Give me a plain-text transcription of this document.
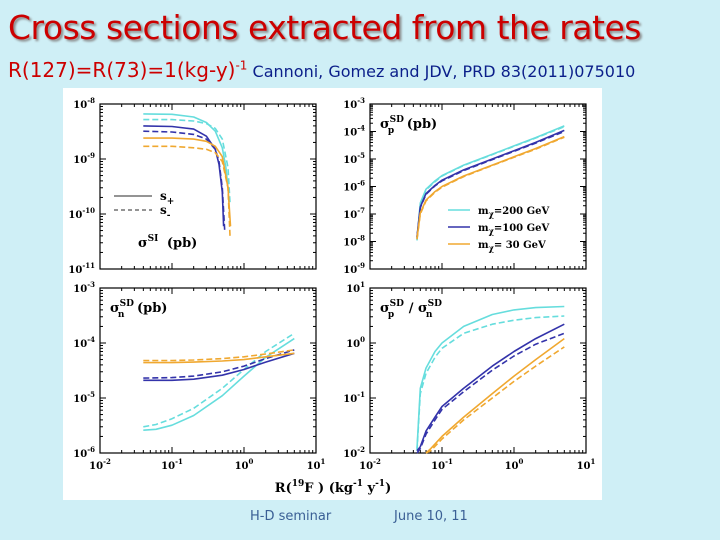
Cross sections extracted from the rates
$R(127)=R(73)=1(kg-y)^{-1}$ Cannoni, Gomez and JDV, PRD 83(2011)075010
$10^{-11}$
$10^{-10}$
$10^{-9}$
$10^{-8}$
$\sigma^{SI}$ (pb)
$s_+$
$s_-$
$10^{-9}$
$10^{-8}$
$10^{-7}$
$10^{-6}$
$10^{-5}$
$10^{-4}$
$10^{-3}$
$\sigma^{SD}$ p (pb)
$m_\chi=200$ GeV
$m_\chi=100$ GeV
$m_\chi= 30$ GeV
$10^{-6}$
$10^{-5}$
$10^{-4}$
$10^{-3}$
$10^{-2}$	$10^{-1}$	$10^0$	$10^1$
$\sigma^{SD}$ n (pb)
$10^{-2}$
$10^{-1}$
$10^0$
$10^1$
$10^{-2}$	$10^{-1}$	$10^0$	$10^1$
$\sigma^{SD}$ p / $\sigma^{SD}$ n
R($^{19}$F ) ($kg^{-1}$ $y^{-1}$)
H-D seminar	June 10, 11
